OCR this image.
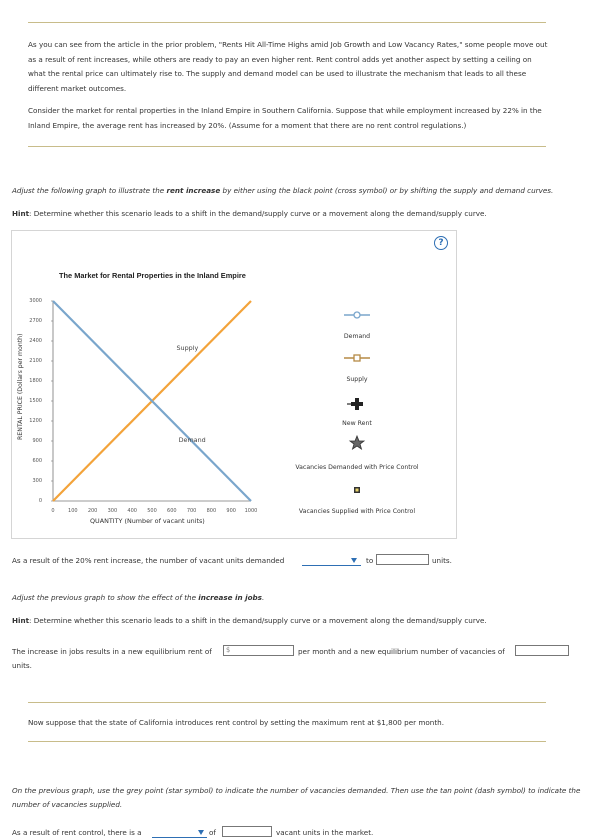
As you can see from the article in the prior problem, "Rents Hit All-Time Highs amid Job Growth and Low Vacancy Rates," some people move out as a result of rent increases, while others are ready to pay an even higher rent. Rent control adds yet another aspect by setting a ceiling on what the rental price can ultimately rise to. The supply and demand model can be used to illustrate the mechanism that leads to all these different market outcomes.
Consider the market for rental properties in the Inland Empire in Southern California. Suppose that while employment increased by 22% in the Inland Empire, the average rent has increased by 20%. (Assume for a moment that there are no rent control regulations.)
Adjust the following graph to illustrate the rent increase by either using the black point (cross symbol) or by shifting the supply and demand curves.
Hint: Determine whether this scenario leads to a shift in the demand/supply curve or a movement along the demand/supply curve.
?
The Market for Rental Properties in the Inland Empire
QUANTITY (Number of vacant units)
0
300
600
900
1200
1500
1800
2100
2400
2700
3000
0	100	200	300	400	500	600	700	800	900	1000
Supply
Demand
Demand
Supply
New Rent
Vacancies Demanded with Price Control
Vacancies Supplied with Price Control
As a result of the 20% rent increase, the number of vacant units demanded	to	units.
Adjust the previous graph to show the effect of the increase in jobs.
Hint: Determine whether this scenario leads to a shift in the demand/supply curve or a movement along the demand/supply curve.
The increase in jobs results in a new equilibrium rent of $	per month and a new equilibrium number of vacancies of
units.
Now suppose that the state of California introduces rent control by setting the maximum rent at $1,800 per month.
On the previous graph, use the grey point (star symbol) to indicate the number of vacancies demanded. Then use the tan point (dash symbol) to indicate the number of vacancies supplied.
As a result of rent control, there is a	of	vacant units in the market.
